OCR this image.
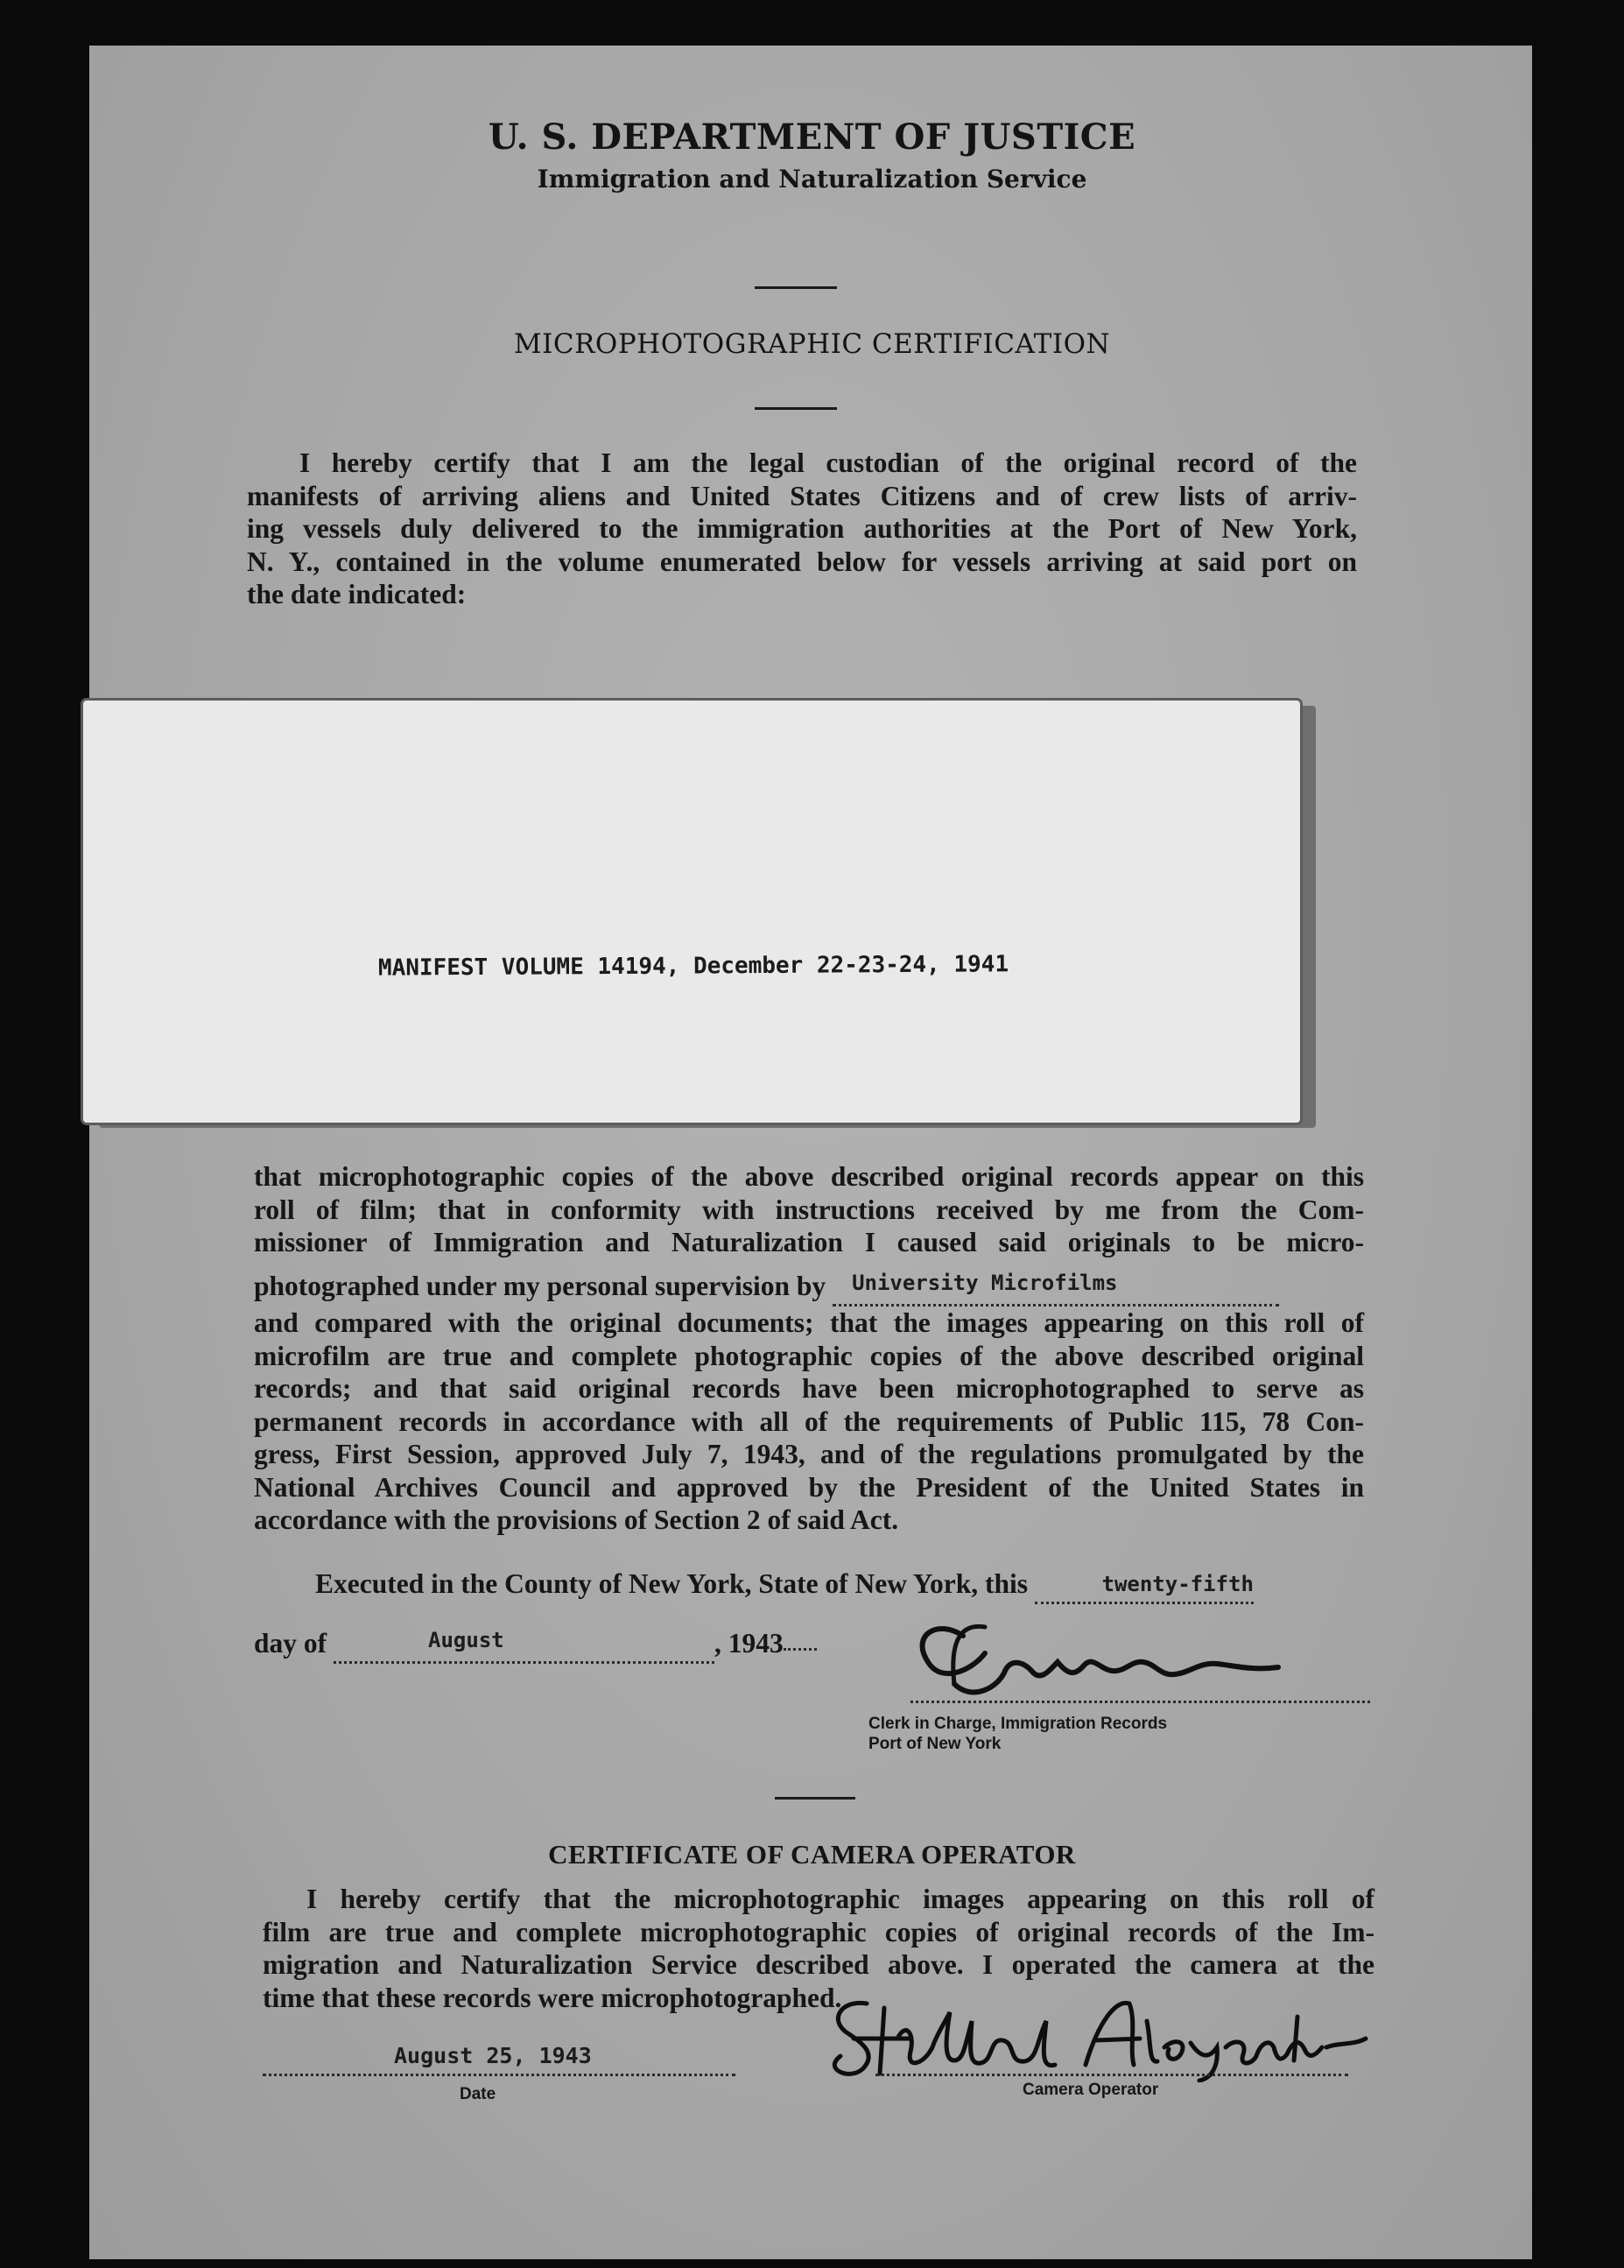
U. S. DEPARTMENT OF JUSTICE
Immigration and Naturalization Service
MICROPHOTOGRAPHIC CERTIFICATION
I hereby certify that I am the legal custodian of the original record of the
manifests of arriving aliens and United States Citizens and of crew lists of arriv-
ing vessels duly delivered to the immigration authorities at the Port of New York,
N. Y., contained in the volume enumerated below for vessels arriving at said port on
the date indicated:
MANIFEST VOLUME 14194, December 22-23-24, 1941
that microphotographic copies of the above described original records appear on this
roll of film; that in conformity with instructions received by me from the Com-
missioner of Immigration and Naturalization I caused said originals to be micro-
photographed under my personal supervision by University Microfilms
and compared with the original documents; that the images appearing on this roll of
microfilm are true and complete photographic copies of the above described original
records; and that said original records have been microphotographed to serve as
permanent records in accordance with all of the requirements of Public 115, 78 Con-
gress, First Session, approved July 7, 1943, and of the regulations promulgated by the
National Archives Council and approved by the President of the United States in
accordance with the provisions of Section 2 of said Act.
Executed in the County of New York, State of New York, this	twenty-fifth
day of	August	, 1943
Clerk in Charge, Immigration Records
Port of New York
CERTIFICATE OF CAMERA OPERATOR
I hereby certify that the microphotographic images appearing on this roll of
film are true and complete microphotographic copies of original records of the Im-
migration and Naturalization Service described above. I operated the camera at the
time that these records were microphotographed.
August 25, 1943
Date	Camera Operator
